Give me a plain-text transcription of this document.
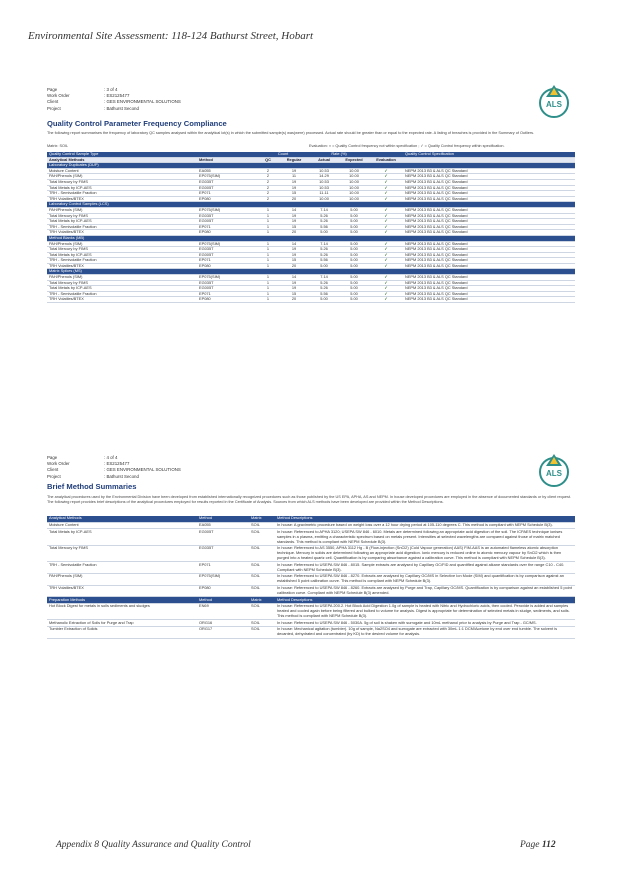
Environmental Site Assessment: 118-124 Bathurst Street, Hobart
Page	: 3 of 4
Work Order	: ES2125477
Client	: GES ENVIRONMENTAL SOLUTIONS
Project	: Bathurst Second	ALS
Quality Control Parameter Frequency Compliance
The following report summarises the frequency of laboratory QC samples analysed within the analytical lot(s) in which the submitted sample(s) was(were) processed. Actual rate should be greater than or equal to the expected rate. A listing of breaches is provided in the Summary of Outliers.
Matrix: SOIL	Evaluation: × = Quality Control frequency not within specification ; ✓ = Quality Control frequency within specification.
Quality Control Sample Type		Count		Rate (%)			Quality Control Specification
Analytical Methods	Method	QC	Regular	Actual	Expected	Evaluation	
Laboratory Duplicates (DUP)							
Moisture Content	EA055	2	19	10.53	10.00	✓	NEPM 2013 B3 & ALS QC Standard
PAH/Phenols (SIM)	EP075(SIM)	2	11	14.29	10.00	✓	NEPM 2013 B3 & ALS QC Standard
Total Mercury by FIMS	EG035T	2	19	10.53	10.00	✓	NEPM 2013 B3 & ALS QC Standard
Total Metals by ICP-AES	EG005T	2	19	10.53	10.00	✓	NEPM 2013 B3 & ALS QC Standard
TRH - Semivolatile Fraction	EP071	2	15	11.11	10.00	✓	NEPM 2013 B3 & ALS QC Standard
TRH Volatiles/BTEX	EP080	2	20	10.00	10.00	✓	NEPM 2013 B3 & ALS QC Standard
Laboratory Control Samples (LCS)							
PAH/Phenols (SIM)	EP075(SIM)	1	14	7.14	5.00	✓	NEPM 2013 B3 & ALS QC Standard
Total Mercury by FIMS	EG035T	1	19	5.26	5.00	✓	NEPM 2013 B3 & ALS QC Standard
Total Metals by ICP-AES	EG005T	1	19	5.26	5.00	✓	NEPM 2013 B3 & ALS QC Standard
TRH - Semivolatile Fraction	EP071	1	15	5.56	5.00	✓	NEPM 2013 B3 & ALS QC Standard
TRH Volatiles/BTEX	EP080	1	20	5.00	5.00	✓	NEPM 2013 B3 & ALS QC Standard
Method Blanks (MB)							
PAH/Phenols (SIM)	EP075(SIM)	1	14	7.14	5.00	✓	NEPM 2013 B3 & ALS QC Standard
Total Mercury by FIMS	EG035T	1	19	5.26	5.00	✓	NEPM 2013 B3 & ALS QC Standard
Total Metals by ICP-AES	EG005T	1	19	5.26	5.00	✓	NEPM 2013 B3 & ALS QC Standard
TRH - Semivolatile Fraction	EP071	1	15	5.56	5.00	✓	NEPM 2013 B3 & ALS QC Standard
TRH Volatiles/BTEX	EP080	1	20	5.00	5.00	✓	NEPM 2013 B3 & ALS QC Standard
Matrix Spikes (MS)							
PAH/Phenols (SIM)	EP075(SIM)	1	14	7.14	5.00	✓	NEPM 2013 B3 & ALS QC Standard
Total Mercury by FIMS	EG035T	1	19	5.26	5.00	✓	NEPM 2013 B3 & ALS QC Standard
Total Metals by ICP-AES	EG005T	1	19	5.26	5.00	✓	NEPM 2013 B3 & ALS QC Standard
TRH - Semivolatile Fraction	EP071	1	15	5.56	5.00	✓	NEPM 2013 B3 & ALS QC Standard
TRH Volatiles/BTEX	EP080	1	20	5.00	5.00	✓	NEPM 2013 B3 & ALS QC Standard
Page	: 4 of 4
Work Order	: ES2125477
Client	: GES ENVIRONMENTAL SOLUTIONS
Project	: Bathurst Second	ALS
Brief Method Summaries
The analytical procedures used by the Environmental Division have been developed from established internationally recognized procedures such as those published by the US EPA, APHA, AS and NEPM. In house developed procedures are employed in the absence of documented standards or by client request. The following report provides brief descriptions of the analytical procedures employed for results reported in the Certificate of Analysis. Sources from which ALS methods have been developed are provided within the Method Descriptions.
Analytical Methods	Method	Matrix	Method Descriptions
Moisture Content	EA055	SOIL	In house: A gravimetric procedure based on weight loss over a 12 hour drying period at 105-110 degrees C. This method is compliant with NEPM Schedule B(3).
Total Metals by ICP-AES	EG005T	SOIL	In house: Referenced to APHA 3120; USEPA SW 846 - 6010. Metals are determined following an appropriate acid digestion of the soil. The ICPAES technique ionises samples in a plasma, emitting a characteristic spectrum based on metals present. Intensities at selected wavelengths are compared against those of matrix matched standards. This method is compliant with NEPM Schedule B(3).
Total Mercury by FIMS	EG035T	SOIL	In house: Referenced to AS 3550, APHA 3112 Hg - B (Flow-injection (SnCl2) (Cold Vapour generation) AAS) FIM-AAS is an automated flameless atomic absorption technique. Mercury in solids are determined following an appropriate acid digestion. Ionic mercury is reduced online to atomic mercury vapour by SnCl2 which is then purged into a heated quartz cell. Quantification is by comparing absorbance against a calibration curve. This method is compliant with NEPM Schedule B(3).
TRH - Semivolatile Fraction	EP071	SOIL	In house: Referenced to USEPA SW 846 - 8015. Sample extracts are analysed by Capillary GC/FID and quantified against alkane standards over the range C10 - C40. Compliant with NEPM Schedule B(3).
PAH/Phenols (SIM)	EP075(SIM)	SOIL	In house: Referenced to USEPA SW 846 - 8270. Extracts are analysed by Capillary GC/MS in Selective Ion Mode (SIM) and quantification is by comparison against an established 5 point calibration curve. This method is compliant with NEPM Schedule B(3).
TRH Volatiles/BTEX	EP080	SOIL	In house: Referenced to USEPA SW 846 - 8260. Extracts are analysed by Purge and Trap, Capillary GC/MS. Quantification is by comparison against an established 5 point calibration curve. Compliant with NEPM Schedule B(3) amended.
Preparation Methods	Method	Matrix	Method Descriptions
Hot Block Digest for metals in soils sediments and sludges	EN69	SOIL	In house: Referenced to USEPA 200.2. Hot Block Acid Digestion 1.0g of sample is heated with Nitric and Hydrochloric acids, then cooled. Peroxide is added and samples heated and cooled again before being filtered and bulked to volume for analysis. Digest is appropriate for determination of selected metals in sludge, sediments, and soils. This method is compliant with NEPM Schedule B(3).
Methanolic Extraction of Soils for Purge and Trap	ORG16	SOIL	In house: Referenced to USEPA SW 846 - 5030A. 5g of soil is shaken with surrogate and 10mL methanol prior to analysis by Purge and Trap - GC/MS.
Tumbler Extraction of Solids	ORG17	SOIL	In house: Mechanical agitation (tumbler). 10g of sample, Na2SO4 and surrogate are extracted with 30mL 1:1 DCM/Acetone by end over end tumble. The solvent is decanted, dehydrated and concentrated (by KD) to the desired volume for analysis.
Appendix 8 Quality Assurance and Quality Control	Page 112
